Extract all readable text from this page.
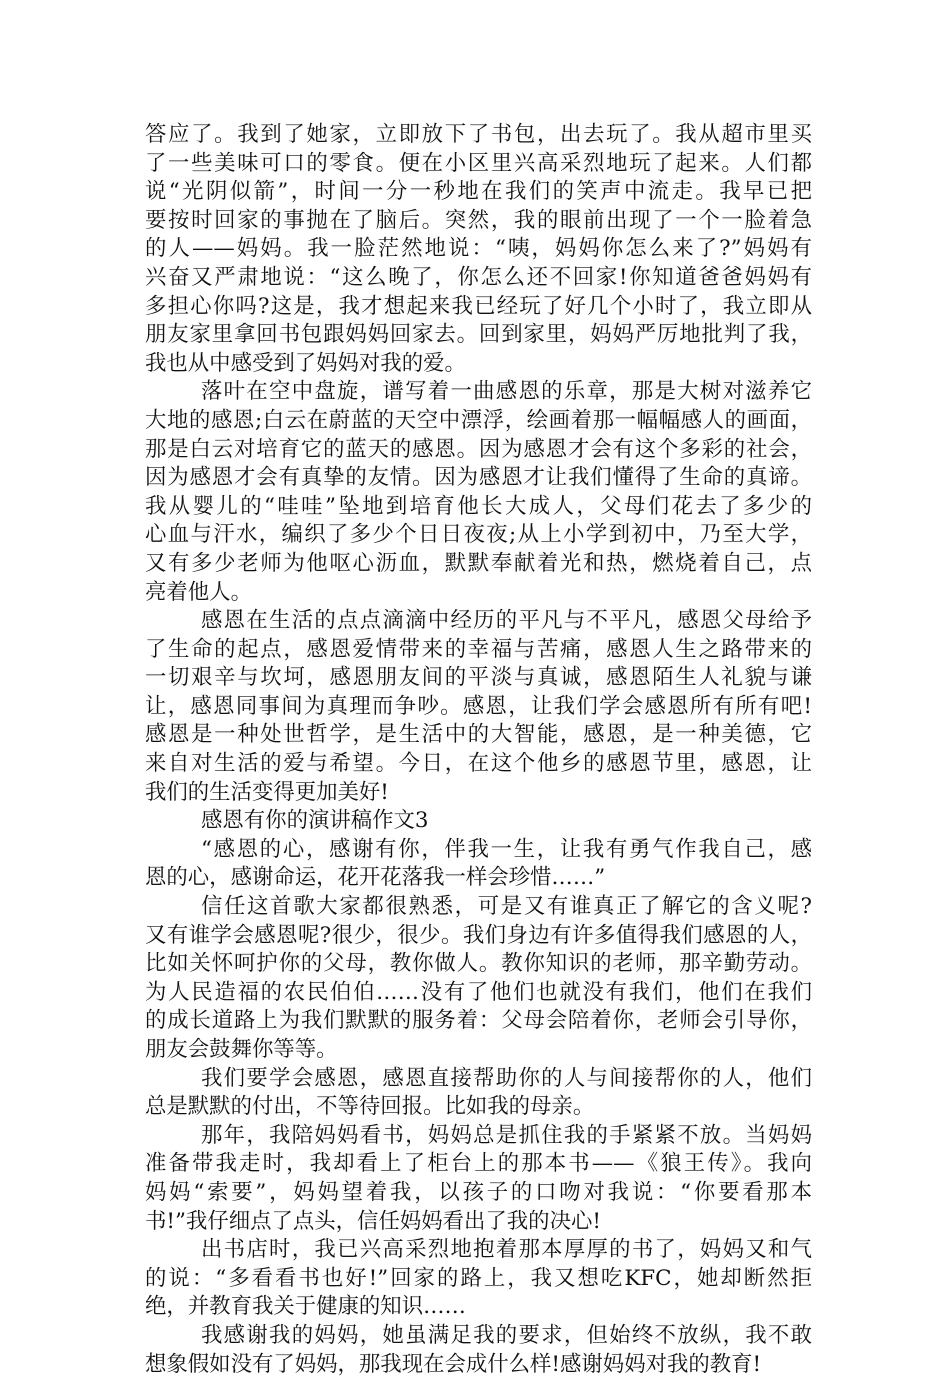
答应了。我到了她家，立即放下了书包，出去玩了。我从超市里买
了一些美味可口的零食。便在小区里兴高采烈地玩了起来。人们都
说“光阴似箭”，时间一分一秒地在我们的笑声中流走。我早已把
要按时回家的事抛在了脑后。突然，我的眼前出现了一个一脸着急
的人——妈妈。我一脸茫然地说：“咦，妈妈你怎么来了?”妈妈有
兴奋又严肃地说：“这么晚了，你怎么还不回家!你知道爸爸妈妈有
多担心你吗?这是，我才想起来我已经玩了好几个小时了，我立即从
朋友家里拿回书包跟妈妈回家去。回到家里，妈妈严厉地批判了我，
我也从中感受到了妈妈对我的爱。
落叶在空中盘旋，谱写着一曲感恩的乐章，那是大树对滋养它
大地的感恩;白云在蔚蓝的天空中漂浮，绘画着那一幅幅感人的画面，
那是白云对培育它的蓝天的感恩。因为感恩才会有这个多彩的社会，
因为感恩才会有真挚的友情。因为感恩才让我们懂得了生命的真谛。
我从婴儿的“哇哇”坠地到培育他长大成人，父母们花去了多少的
心血与汗水，编织了多少个日日夜夜;从上小学到初中，乃至大学，
又有多少老师为他呕心沥血，默默奉献着光和热，燃烧着自己，点
亮着他人。
感恩在生活的点点滴滴中经历的平凡与不平凡，感恩父母给予
了生命的起点，感恩爱情带来的幸福与苦痛，感恩人生之路带来的
一切艰辛与坎坷，感恩朋友间的平淡与真诚，感恩陌生人礼貌与谦
让，感恩同事间为真理而争吵。感恩，让我们学会感恩所有所有吧!
感恩是一种处世哲学，是生活中的大智能，感恩，是一种美德，它
来自对生活的爱与希望。今日，在这个他乡的感恩节里，感恩，让
我们的生活变得更加美好!
感恩有你的演讲稿作文3
“感恩的心，感谢有你，伴我一生，让我有勇气作我自己，感
恩的心，感谢命运，花开花落我一样会珍惜……”
信任这首歌大家都很熟悉，可是又有谁真正了解它的含义呢?
又有谁学会感恩呢?很少，很少。我们身边有许多值得我们感恩的人，
比如关怀呵护你的父母，教你做人。教你知识的老师，那辛勤劳动。
为人民造福的农民伯伯……没有了他们也就没有我们，他们在我们
的成长道路上为我们默默的服务着：父母会陪着你，老师会引导你，
朋友会鼓舞你等等。
我们要学会感恩，感恩直接帮助你的人与间接帮你的人，他们
总是默默的付出，不等待回报。比如我的母亲。
那年，我陪妈妈看书，妈妈总是抓住我的手紧紧不放。当妈妈
准备带我走时，我却看上了柜台上的那本书——《狼王传》。我向
妈妈“索要”，妈妈望着我，以孩子的口吻对我说：“你要看那本
书!”我仔细点了点头，信任妈妈看出了我的决心!
出书店时，我已兴高采烈地抱着那本厚厚的书了，妈妈又和气
的说：“多看看书也好!”回家的路上，我又想吃KFC，她却断然拒
绝，并教育我关于健康的知识……
我感谢我的妈妈，她虽满足我的要求，但始终不放纵，我不敢
想象假如没有了妈妈，那我现在会成什么样!感谢妈妈对我的教育!
